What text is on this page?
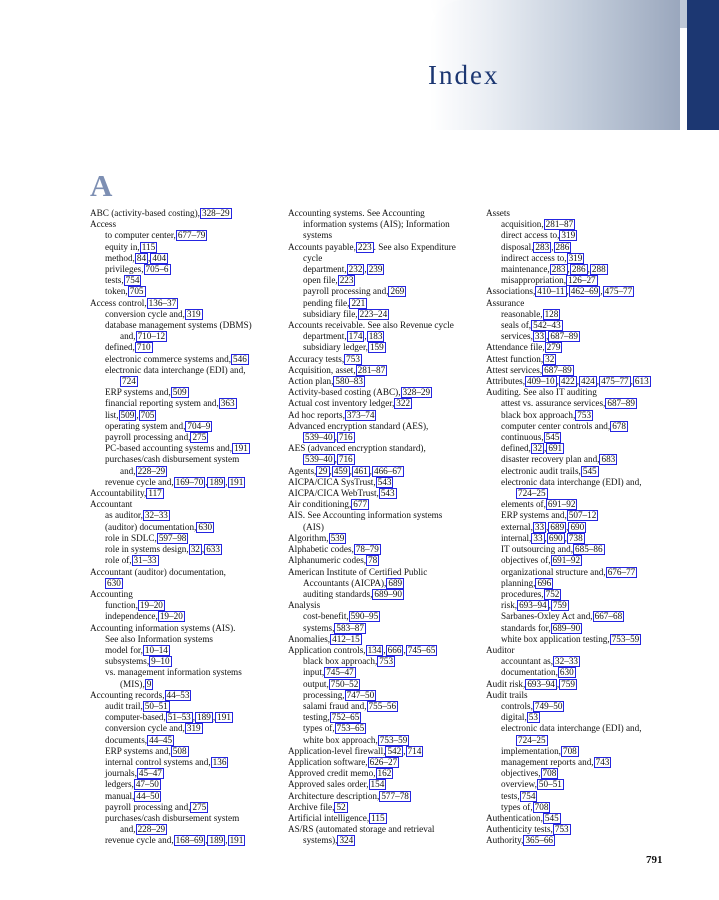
Index
A
ABC (activity-based costing), 328–29
Access
to computer center, 677–79
equity in, 115
method, 84 , 404
privileges, 705–6
tests, 754
token, 705
Access control, 136–37
conversion cycle and, 319
database management systems (DBMS)
and, 710–12
defined, 710
electronic commerce systems and, 546
electronic data interchange (EDI) and,
724
ERP systems and, 509
financial reporting system and, 363
list, 509 , 705
operating system and, 704–9
payroll processing and, 275
PC-based accounting systems and, 191
purchases/cash disbursement system
and, 228–29
revenue cycle and, 169–70 , 189 , 191
Accountability, 117
Accountant
as auditor, 32–33
(auditor) documentation, 630
role in SDLC, 597–98
role in systems design, 32 , 633
role of, 31–33
Accountant (auditor) documentation,
630
Accounting
function, 19–20
independence, 19–20
Accounting information systems (AIS).
See also Information systems
model for, 10–14
subsystems, 9–10
vs. management information systems
(MIS), 9
Accounting records, 44–53
audit trail, 50–51
computer-based, 51–53 , 189 , 191
conversion cycle and, 319
documents, 44–45
ERP systems and, 508
internal control systems and, 136
journals, 45–47
ledgers, 47–50
manual, 44–50
payroll processing and, 275
purchases/cash disbursement system
and, 228–29
revenue cycle and, 168–69 , 189 , 191
Accounting systems. See Accounting
information systems (AIS); Information
systems
Accounts payable, 223 . See also Expenditure
cycle
department, 232 , 239
open file, 223
payroll processing and, 269
pending file, 221
subsidiary file, 223–24
Accounts receivable. See also Revenue cycle
department, 174 , 183
subsidiary ledger, 159
Accuracy tests, 753
Acquisition, asset, 281–87
Action plan, 580–83
Activity-based costing (ABC), 328–29
Actual cost inventory ledger, 322
Ad hoc reports, 373–74
Advanced encryption standard (AES),
539–40 , 716
AES (advanced encryption standard),
539–40 , 716
Agents, 29 , 459 , 461 , 466–67
AICPA/CICA SysTrust, 543
AICPA/CICA WebTrust, 543
Air conditioning, 677
AIS. See Accounting information systems
(AIS)
Algorithm, 539
Alphabetic codes, 78–79
Alphanumeric codes, 78
American Institute of Certified Public
Accountants (AICPA), 689
auditing standards, 689–90
Analysis
cost-benefit, 590–95
systems, 583–87
Anomalies, 412–15
Application controls, 134 , 666 , 745–65
black box approach, 753
input, 745–47
output, 750–52
processing, 747–50
salami fraud and, 755–56
testing, 752–65
types of, 753–65
white box approach, 753–59
Application-level firewall, 542 , 714
Application software, 626–27
Approved credit memo, 162
Approved sales order, 154
Architecture description, 577–78
Archive file, 52
Artificial intelligence, 115
AS/RS (automated storage and retrieval
systems), 324
Assets
acquisition, 281–87
direct access to, 319
disposal, 283 , 286
indirect access to, 319
maintenance, 283 , 286 , 288
misappropriation, 126–27
Associations, 410–11 , 462–69 , 475–77
Assurance
reasonable, 128
seals of, 542–43
services, 33 , 687–89
Attendance file, 279
Attest function, 32
Attest services, 687–89
Attributes, 409–10 , 422 , 424 , 475–77 , 613
Auditing. See also IT auditing
attest vs. assurance services, 687–89
black box approach, 753
computer center controls and, 678
continuous, 545
defined, 32 , 691
disaster recovery plan and, 683
electronic audit trails, 545
electronic data interchange (EDI) and,
724–25
elements of, 691–92
ERP systems and, 507–12
external, 33 , 689 , 690
internal, 33 , 690 , 738
IT outsourcing and, 685–86
objectives of, 691–92
organizational structure and, 676–77
planning, 696
procedures, 752
risk, 693–94 , 759
Sarbanes-Oxley Act and, 667–68
standards for, 689–90
white box application testing, 753–59
Auditor
accountant as, 32–33
documentation, 630
Audit risk, 693–94 , 759
Audit trails
controls, 749–50
digital, 53
electronic data interchange (EDI) and,
724–25
implementation, 708
management reports and, 743
objectives, 708
overview, 50–51
tests, 754
types of, 708
Authentication, 545
Authenticity tests, 753
Authority, 365–66
791
